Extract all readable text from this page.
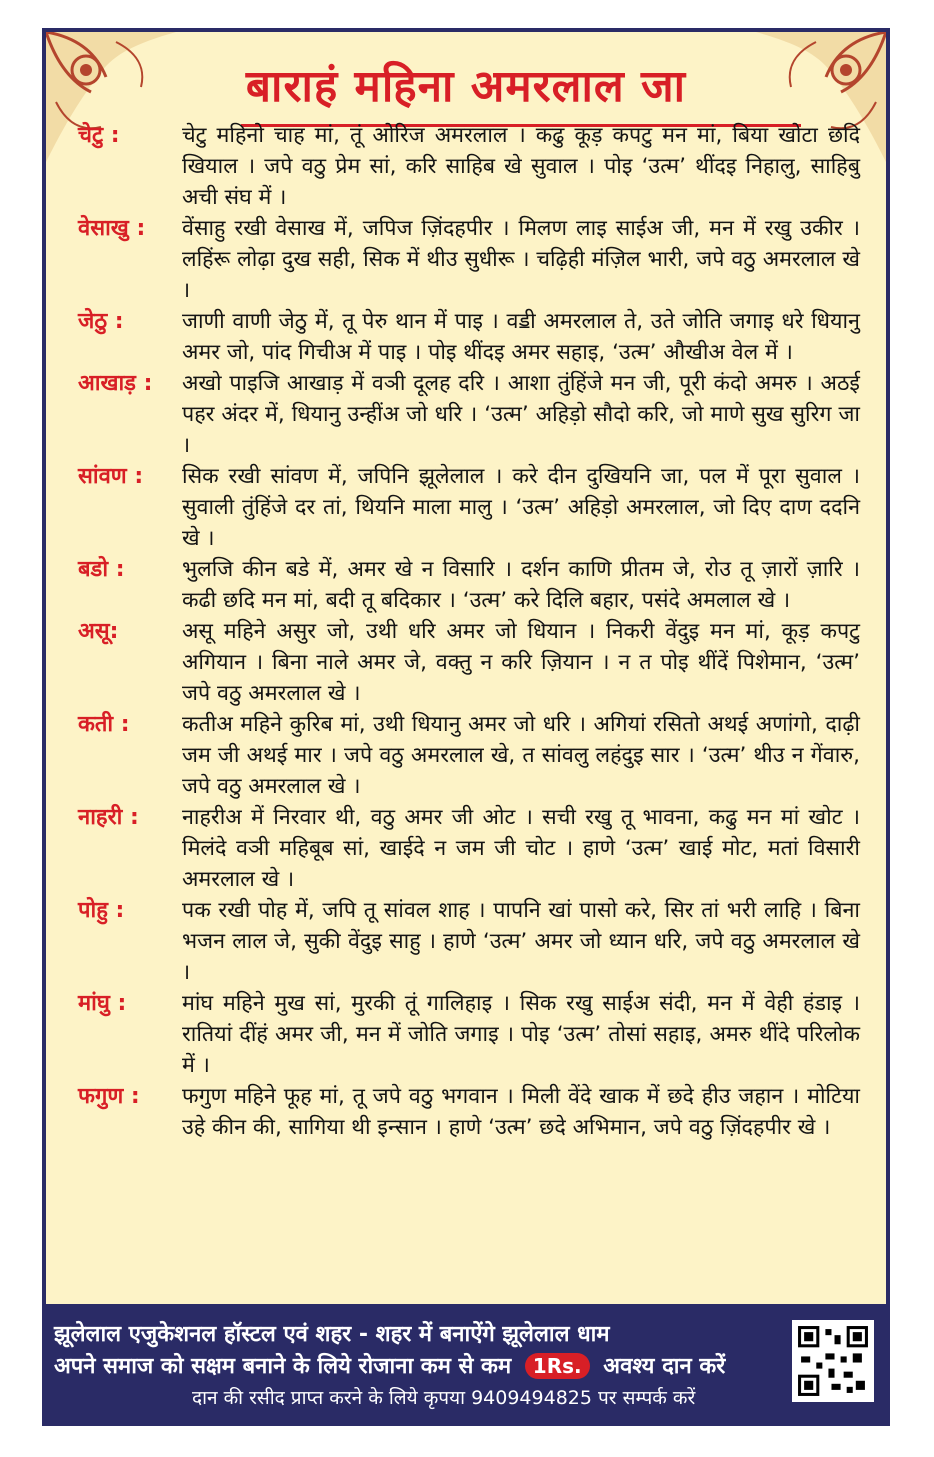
बाराहं महिना अमरलाल जा
चेटु :	चेटु महिनो चाह मां, तूं ओरिज अमरलाल । कढु कूड़ कपटु मन मां, बिया खोटा छदि खियाल । जपे वठु प्रेम सां, करि साहिब खे सुवाल । पोइ ‘उत्म’ थींदइ निहालु, साहिबु अची संघ में ।
वेसाखु :	वेंसाहु रखी वेसाख में, जपिज ज़िंदहपीर । मिलण लाइ साईअ जी, मन में रखु उकीर । लहिंरू लोढ़ा दुख सही, सिक में थीउ सुधीरू । चढ़िही मंज़िल भारी, जपे वठु अमरलाल खे ।
जेठु :	जाणी वाणी जेठु में, तू पेरु थान में पाइ । वॾी अमरलाल ते, उते जोति जगाइ धरे धियानु अमर जो, पांद गिचीअ में पाइ । पोइ थींदइ अमर सहाइ, ‘उत्म’ औखीअ वेल में ।
आखाड़ :	अखो पाइजि आखाड़ में वञी दूलह दरि । आशा तुंहिंजे मन जी, पूरी कंदो अमरु । अठई पहर अंदर में, धियानु उन्हींअ जो धरि । ‘उत्म’ अहिड़ो सौदो करि, जो माणे सुख सुरिग जा ।
सांवण :	सिक रखी सांवण में, जपिनि झूलेलाल । करे दीन दुखियनि जा, पल में पूरा सुवाल । सुवाली तुंहिंजे दर तां, थियनि माला मालु । ‘उत्म’ अहिड़ो अमरलाल, जो दिए दाण ददनि खे ।
बडो :	भुलजि कीन बडे में, अमर खे न विसारि । दर्शन काणि प्रीतम जे, रोउ तू ज़ारों ज़ारि । कढी छदि मन मां, बदी तू बदिकार । ‘उत्म’ करे दिलि बहार, पसंदे अमलाल खे ।
असू:	असू महिने असुर जो, उथी धरि अमर जो धियान । निकरी वेंदुइ मन मां, कूड़ कपटु अगियान । बिना नाले अमर जे, वक्तु न करि ज़ियान । न त पोइ थींदें पिशेमान, ‘उत्म’ जपे वठु अमरलाल खे ।
कती :	कतीअ महिने कुरिब मां, उथी धियानु अमर जो धरि । अगियां रसितो अथई अणांगो, दाढ़ी जम जी अथई मार । जपे वठु अमरलाल खे, त सांवलु लहंदुइ सार । ‘उत्म’ थीउ न गेंवारु, जपे वठु अमरलाल खे ।
नाहरी :	नाहरीअ में निरवार थी, वठु अमर जी ओट । सची रखु तू भावना, कढु मन मां खोट । मिलंदे वञी महिबूब सां, खाईदे न जम जी चोट । हाणे ‘उत्म’ खाई मोट, मतां विसारी अमरलाल खे ।
पोहु :	पक रखी पोह में, जपि तू सांवल शाह । पापनि खां पासो करे, सिर तां भरी लाहि । बिना भजन लाल जे, सुकी वेंदुइ साहु । हाणे ‘उत्म’ अमर जो ध्यान धरि, जपे वठु अमरलाल खे ।
मांघु :	मांघ महिने मुख सां, मुरकी तूं गालिहाइ । सिक रखु साईअ संदी, मन में वेही हंडाइ । रातियां दींहं अमर जी, मन में जोति जगाइ । पोइ ‘उत्म’ तोसां सहाइ, अमरु थींदे परिलोक में ।
फगुण :	फगुण महिने फूह मां, तू जपे वठु भगवान । मिली वेंदे खाक में छदे हीउ जहान । मोटिया उहे कीन की, सागिया थी इन्सान । हाणे ‘उत्म’ छदे अभिमान, जपे वठु ज़िंदहपीर खे ।
झूलेलाल एजुकेशनल हॉस्टल एवं शहर - शहर में बनाऐंगे झूलेलाल धाम
अपने समाज को सक्षम बनाने के लिये रोजाना कम से कम 1Rs. अवश्य दान करें
दान की रसीद प्राप्त करने के लिये कृपया 9409494825 पर सम्पर्क करें
